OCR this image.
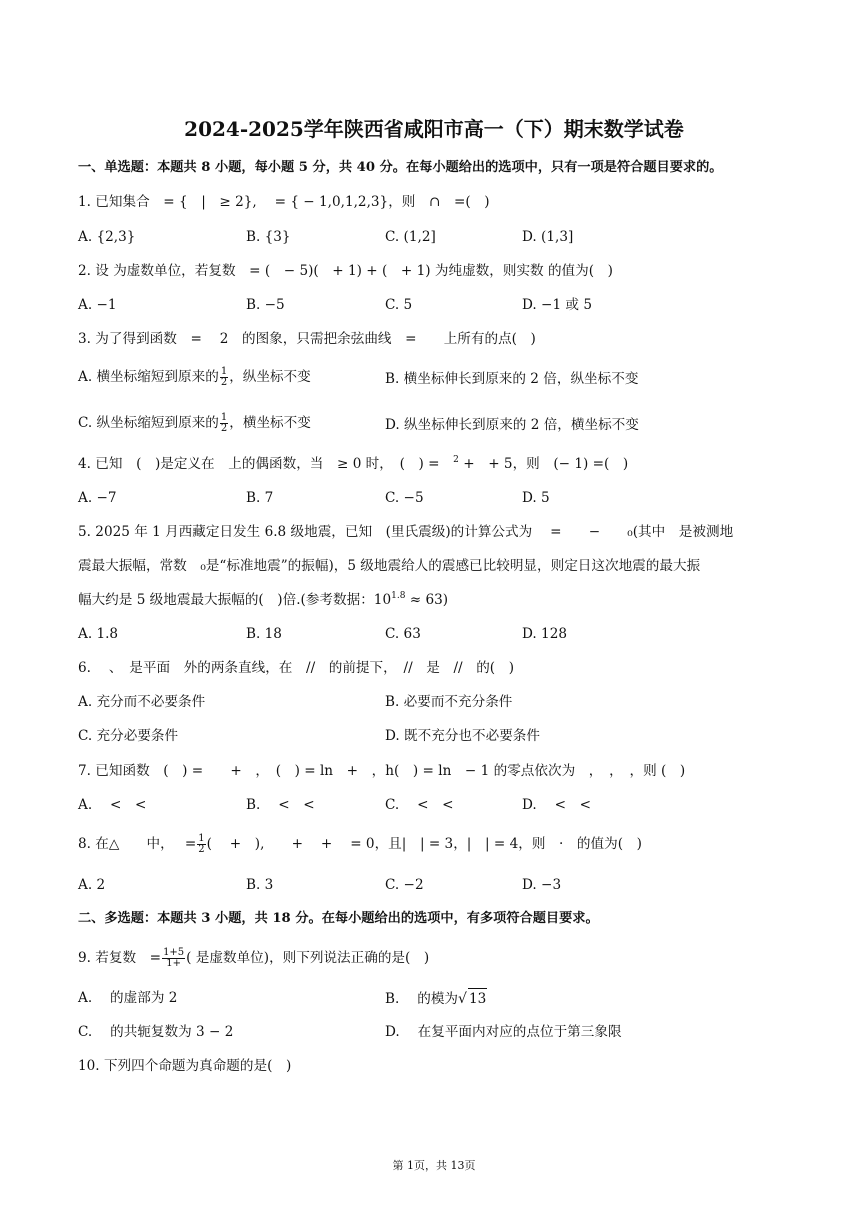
2024-2025学年陕西省咸阳市高一（下）期末数学试卷
一、单选题：本题共 8 小题，每小题 5 分，共 40 分。在每小题给出的选项中，只有一项是符合题目要求的。
1. 已知集合　= {　|　≥ 2},　 = { − 1,0,1,2,3}，则　∩　=(　)
A. {2,3}	B. {3}	C. (1,2]	D. (1,3]
2. 设 为虚数单位，若复数　= (　− 5)(　+ 1) + (　+ 1) 为纯虚数，则实数 的值为(　)
A. −1	B. −5	C. 5	D. −1 或 5
3. 为了得到函数　=　 2　的图象，只需把余弦曲线　=　　上所有的点(　)
A. 横坐标缩短到原来的 $\frac{1}{2}$ ，纵坐标不变	B. 横坐标伸长到原来的 2 倍，纵坐标不变
C. 纵坐标缩短到原来的 $\frac{1}{2}$ ，横坐标不变	D. 纵坐标伸长到原来的 2 倍，横坐标不变
4. 已知　(　)是定义在　上的偶函数，当　≥ 0 时，　(　) =　$^2$ +　+ 5，则　(− 1) =(　)
A. −7	B. 7	C. −5	D. 5
5. 2025 年 1 月西藏定日发生 6.8 级地震，已知　(里氏震级)的计算公式为　 =　　−　　₀(其中　是被测地
震最大振幅，常数　₀是“标准地震”的振幅)，5 级地震给人的震感已比较明显，则定日这次地震的最大振
幅大约是 5 级地震最大振幅的(　)倍.(参考数据：$10^{1.8} \approx 63$)
A. 1.8	B. 18	C. 63	D. 128
6. 　、　是平面　外的两条直线，在　//　的前提下，　//　是　//　的(　)
A. 充分而不必要条件	B. 必要而不充分条件
C. 充分必要条件	D. 既不充分也不必要条件
7. 已知函数　(　) =　　+　，　(　) = ln　+　，h(　) = ln　− 1 的零点依次为　，　，　，则 (　)
A. 　<　<	B. 　<　<	C. 　<　<	D. 　<　<
8. 在△　　中，　 = $\frac{1}{2}$ (　 +　),　　+　 +　 = 0，且|　| = 3，|　| = 4，则　·　的值为(　)
A. 2	B. 3	C. −2	D. −3
二、多选题：本题共 3 小题，共 18 分。在每小题给出的选项中，有多项符合题目要求。
9. 若复数　= $\frac{1+5}{1+}$ ( 是虚数单位)，则下列说法正确的是(　)
A. 　的虚部为 2	B. 　的模为√ 13
C. 　的共轭复数为 3 − 2	D. 　在复平面内对应的点位于第三象限
10. 下列四个命题为真命题的是(　)
第 1页，共 13页
